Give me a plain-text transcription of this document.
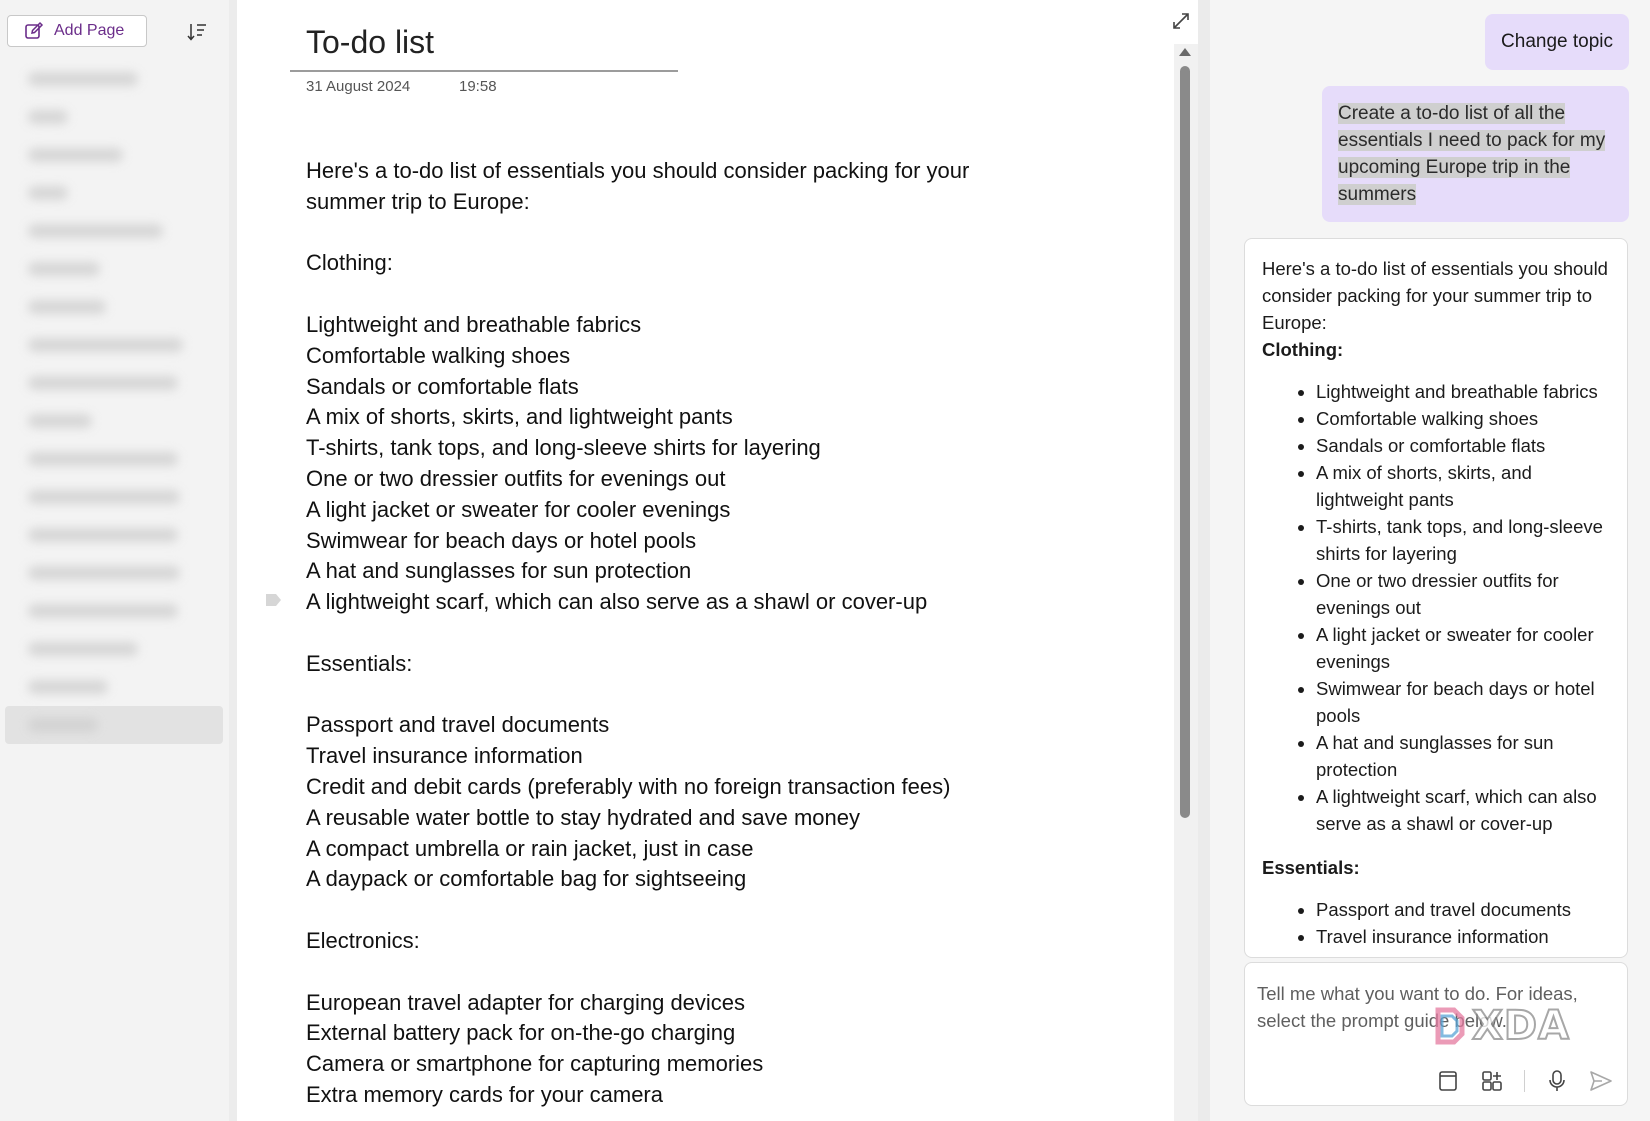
Add Page	To-do list
31 August 2024	19:58
Here's a to-do list of essentials you should consider packing for your
summer trip to Europe:
Clothing:
Lightweight and breathable fabrics
Comfortable walking shoes
Sandals or comfortable flats
A mix of shorts, skirts, and lightweight pants
T-shirts, tank tops, and long-sleeve shirts for layering
One or two dressier outfits for evenings out
A light jacket or sweater for cooler evenings
Swimwear for beach days or hotel pools
A hat and sunglasses for sun protection
A lightweight scarf, which can also serve as a shawl or cover-up
Essentials:
Passport and travel documents
Travel insurance information
Credit and debit cards (preferably with no foreign transaction fees)
A reusable water bottle to stay hydrated and save money
A compact umbrella or rain jacket, just in case
A daypack or comfortable bag for sightseeing
Electronics:
European travel adapter for charging devices
External battery pack for on-the-go charging
Camera or smartphone for capturing memories
Extra memory cards for your camera
Change topic
Create a to-do list of all the essentials I need to pack for my upcoming Europe trip in the summers
Here's a to-do list of essentials you should consider packing for your summer trip to Europe:
Clothing:
• Lightweight and breathable fabrics
• Comfortable walking shoes
• Sandals or comfortable flats
• A mix of shorts, skirts, and lightweight pants
• T-shirts, tank tops, and long-sleeve shirts for layering
• One or two dressier outfits for evenings out
• A light jacket or sweater for cooler evenings
• Swimwear for beach days or hotel pools
• A hat and sunglasses for sun protection
• A lightweight scarf, which can also serve as a shawl or cover-up
Essentials:
• Passport and travel documents
• Travel insurance information
Tell me what you want to do. For ideas, select the prompt guide below.
XDA
